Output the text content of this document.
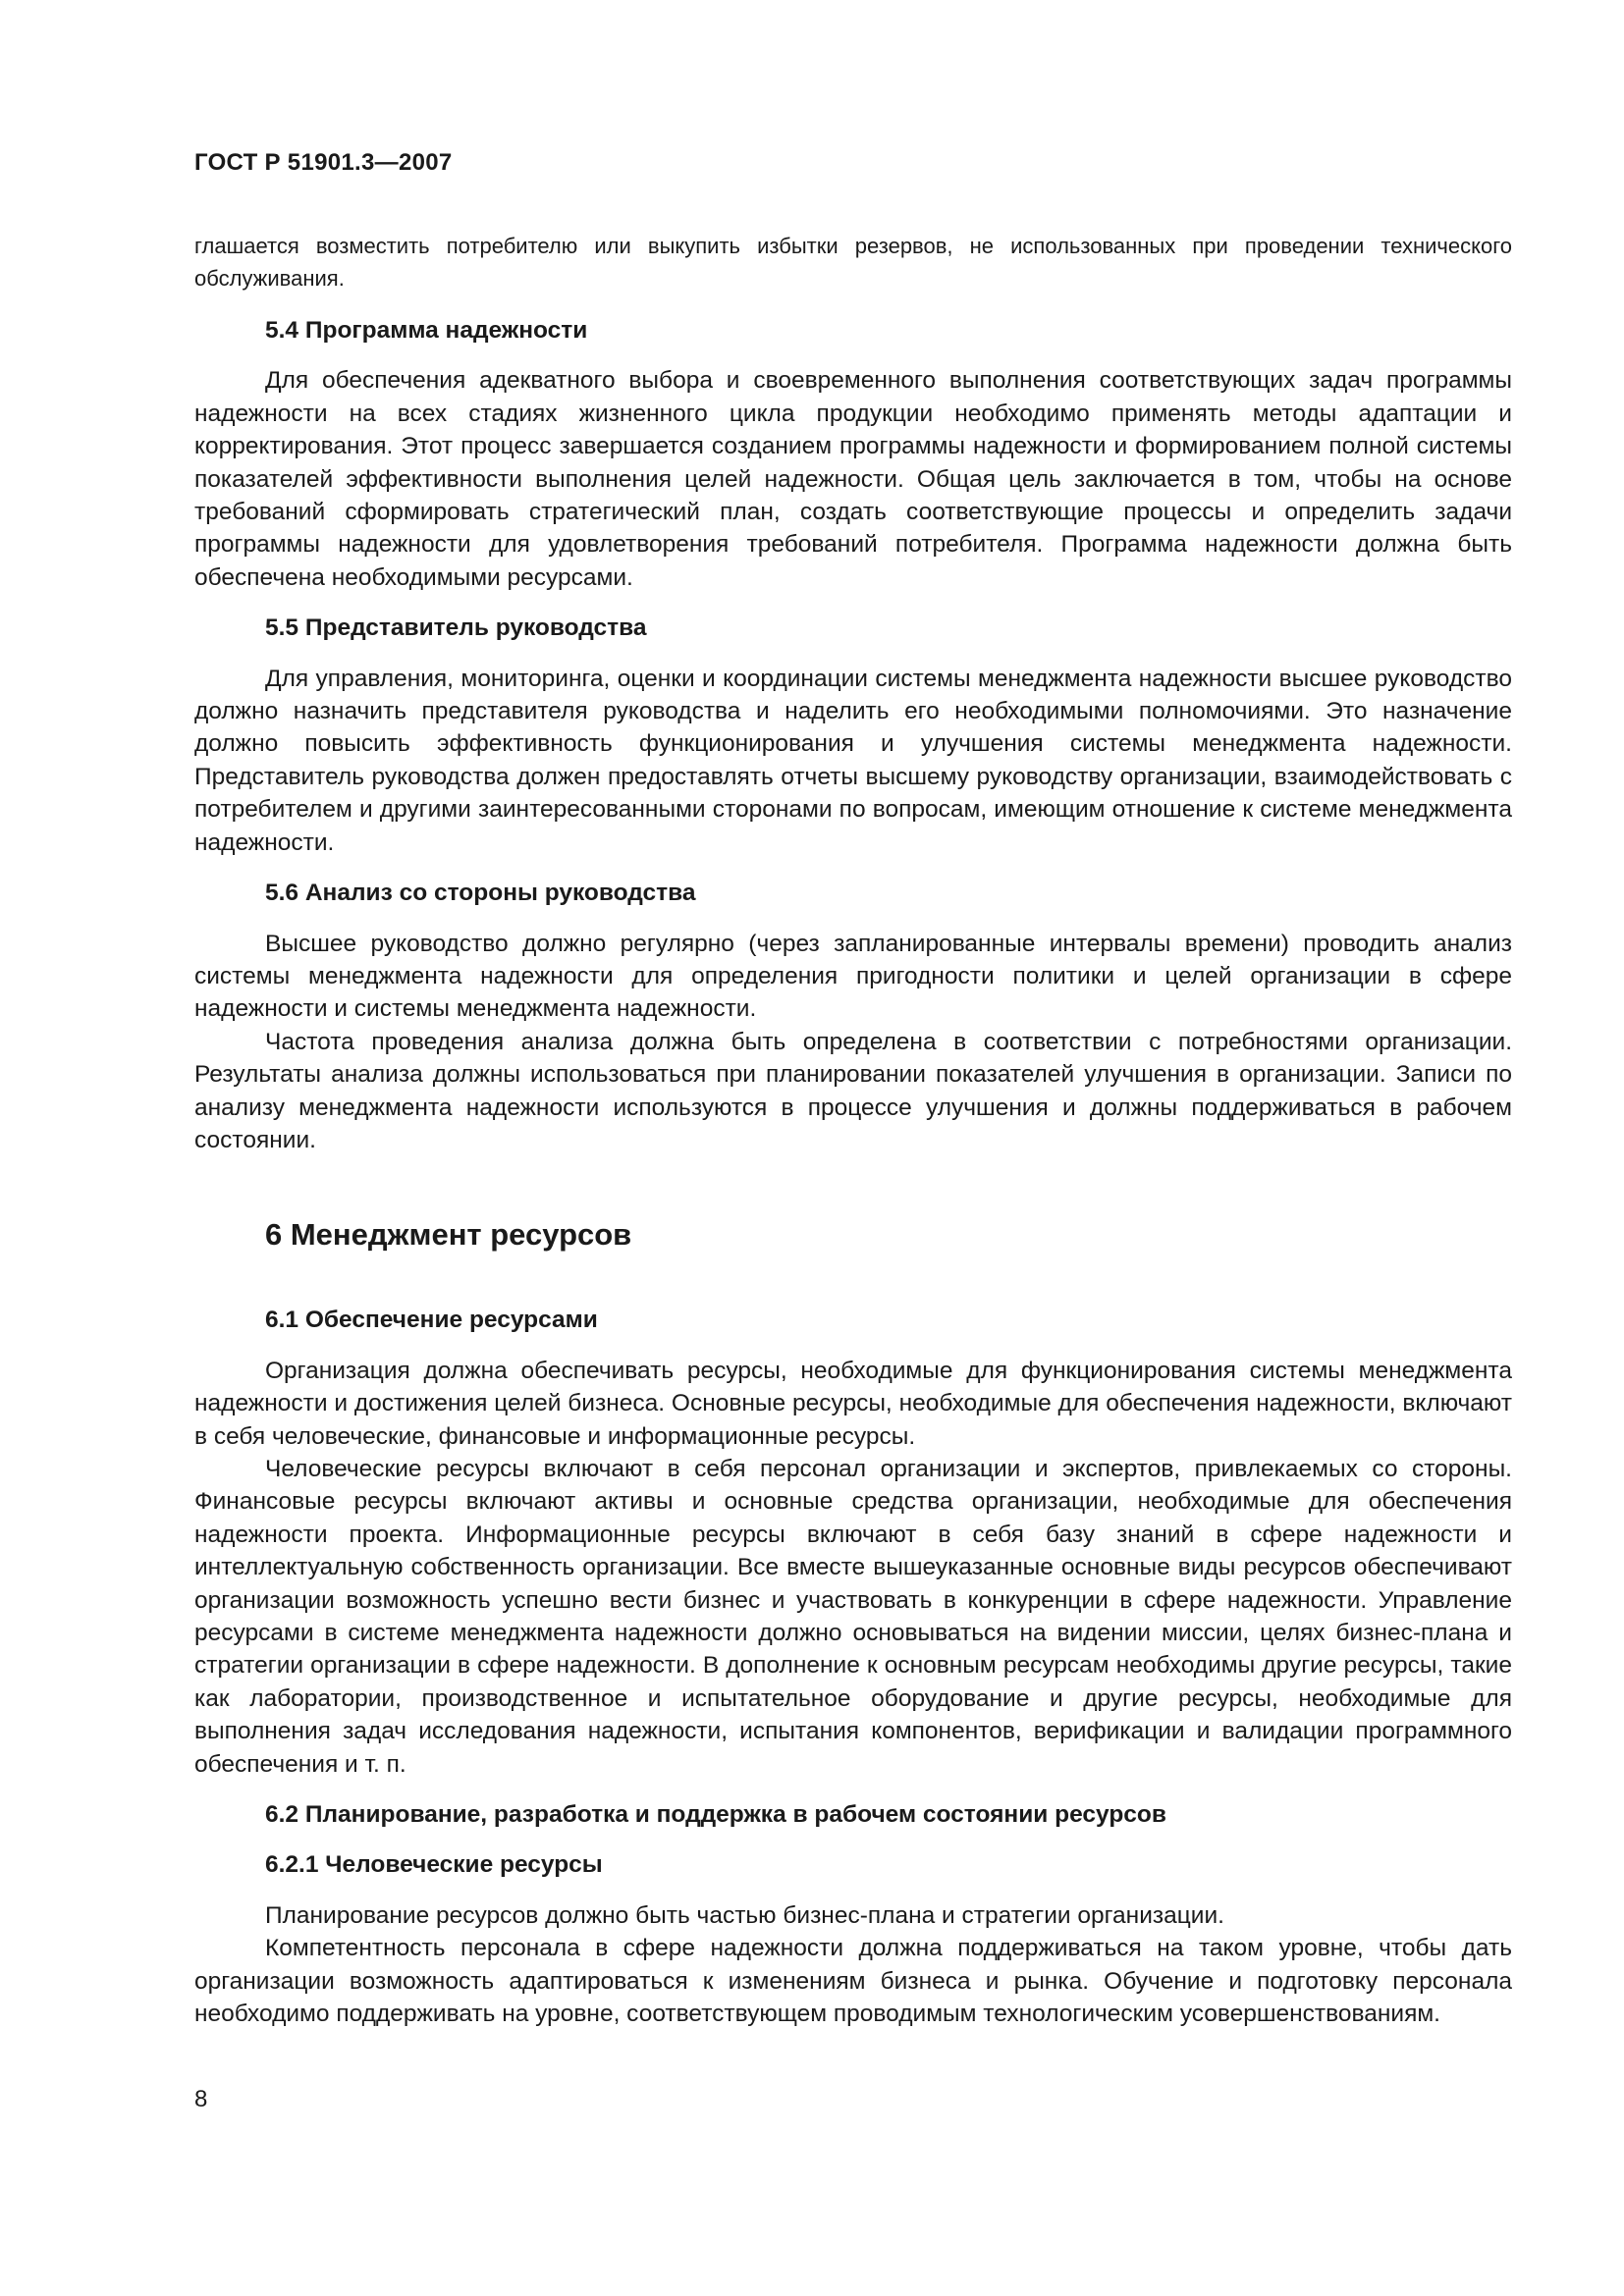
ГОСТ Р 51901.3—2007

глашается возместить потребителю или выкупить избытки резервов, не использованных при проведении технического обслуживания.

5.4 Программа надежности

Для обеспечения адекватного выбора и своевременного выполнения соответствующих задач программы надежности на всех стадиях жизненного цикла продукции необходимо применять методы адаптации и корректирования. Этот процесс завершается созданием программы надежности и формированием полной системы показателей эффективности выполнения целей надежности. Общая цель заключается в том, чтобы на основе требований сформировать стратегический план, создать соответствующие процессы и определить задачи программы надежности для удовлетворения требований потребителя. Программа надежности должна быть обеспечена необходимыми ресурсами.

5.5 Представитель руководства

Для управления, мониторинга, оценки и координации системы менеджмента надежности высшее руководство должно назначить представителя руководства и наделить его необходимыми полномочиями. Это назначение должно повысить эффективность функционирования и улучшения системы менеджмента надежности. Представитель руководства должен предоставлять отчеты высшему руководству организации, взаимодействовать с потребителем и другими заинтересованными сторонами по вопросам, имеющим отношение к системе менеджмента надежности.

5.6 Анализ со стороны руководства

Высшее руководство должно регулярно (через запланированные интервалы времени) проводить анализ системы менеджмента надежности для определения пригодности политики и целей организации в сфере надежности и системы менеджмента надежности.

Частота проведения анализа должна быть определена в соответствии с потребностями организации. Результаты анализа должны использоваться при планировании показателей улучшения в организации. Записи по анализу менеджмента надежности используются в процессе улучшения и должны поддерживаться в рабочем состоянии.

6 Менеджмент ресурсов

6.1 Обеспечение ресурсами

Организация должна обеспечивать ресурсы, необходимые для функционирования системы менеджмента надежности и достижения целей бизнеса. Основные ресурсы, необходимые для обеспечения надежности, включают в себя человеческие, финансовые и информационные ресурсы.

Человеческие ресурсы включают в себя персонал организации и экспертов, привлекаемых со стороны. Финансовые ресурсы включают активы и основные средства организации, необходимые для обеспечения надежности проекта. Информационные ресурсы включают в себя базу знаний в сфере надежности и интеллектуальную собственность организации. Все вместе вышеуказанные основные виды ресурсов обеспечивают организации возможность успешно вести бизнес и участвовать в конкуренции в сфере надежности. Управление ресурсами в системе менеджмента надежности должно основываться на видении миссии, целях бизнес-плана и стратегии организации в сфере надежности. В дополнение к основным ресурсам необходимы другие ресурсы, такие как лаборатории, производственное и испытательное оборудование и другие ресурсы, необходимые для выполнения задач исследования надежности, испытания компонентов, верификации и валидации программного обеспечения и т. п.

6.2 Планирование, разработка и поддержка в рабочем состоянии ресурсов

6.2.1 Человеческие ресурсы

Планирование ресурсов должно быть частью бизнес-плана и стратегии организации.

Компетентность персонала в сфере надежности должна поддерживаться на таком уровне, чтобы дать организации возможность адаптироваться к изменениям бизнеса и рынка. Обучение и подготовку персонала необходимо поддерживать на уровне, соответствующем проводимым технологическим усовершенствованиям.

8
